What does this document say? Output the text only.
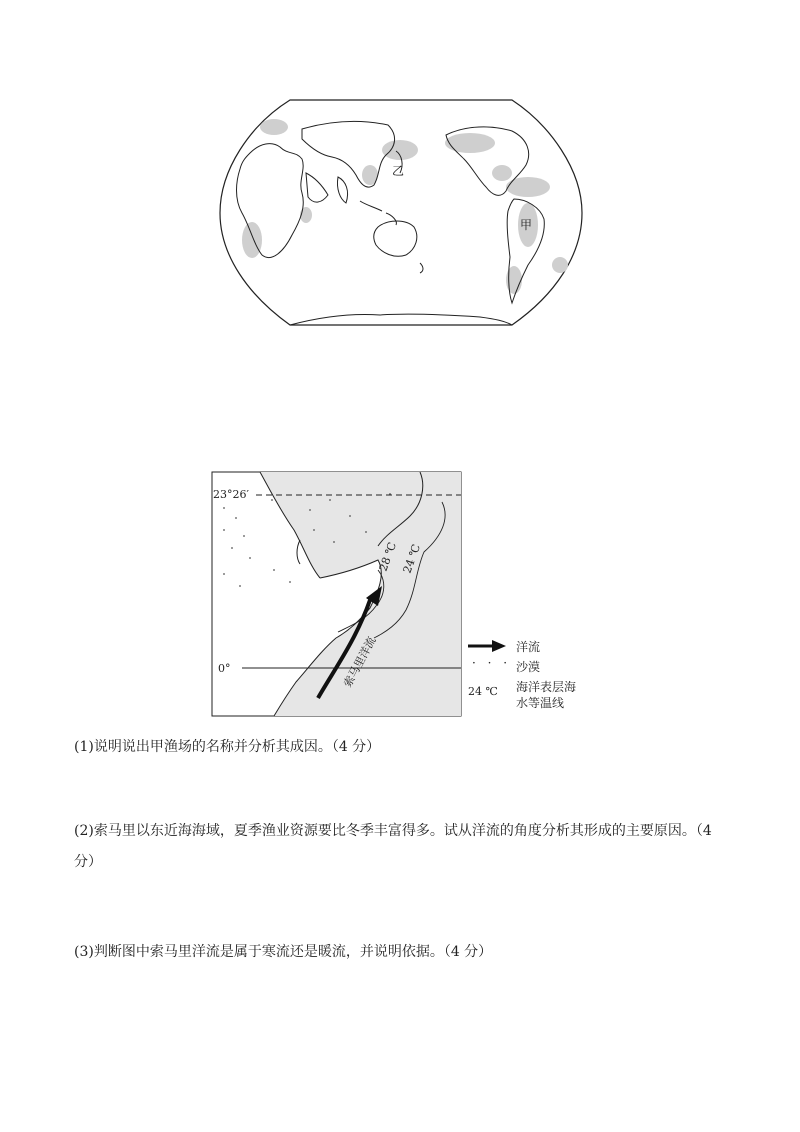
乙
甲
23°26′
0°
28 ℃ 24 ℃
索马里洋流	洋流
· · · 沙漠
24 ℃ 海洋表层海
水等温线
(1)说明说出甲渔场的名称并分析其成因。（4 分）
(2)索马里以东近海海域，夏季渔业资源要比冬季丰富得多。试从洋流的角度分析其形成的主要原因。（4
分）
(3)判断图中索马里洋流是属于寒流还是暖流，并说明依据。（4 分）
